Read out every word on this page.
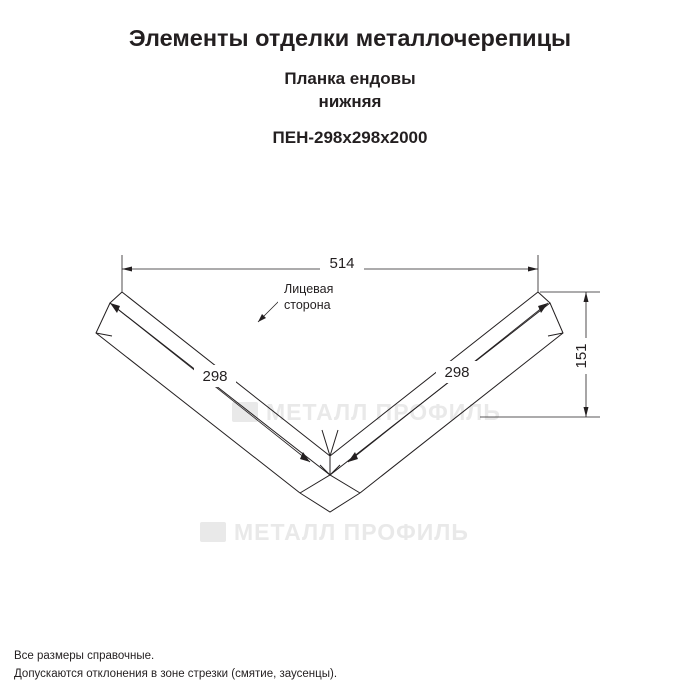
Элементы отделки металлочерепицы
Планка ендовы
нижняя
ПЕН-298x298x2000
МЕТАЛЛ ПРОФИЛЬ
МЕТАЛЛ ПРОФИЛЬ
514
151
298	298
Лицевая
сторона
Все размеры справочные.
Допускаются отклонения в зоне стрезки (смятие, заусенцы).
